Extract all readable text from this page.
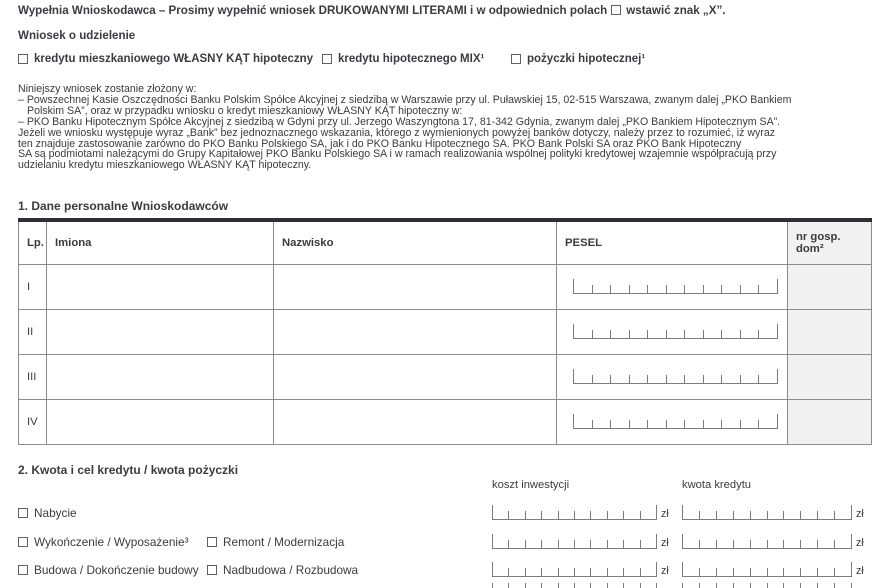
Wypełnia Wnioskodawca – Prosimy wypełnić wniosek DRUKOWANYMI LITERAMI i w odpowiednich polach wstawić znak „X”.
Wniosek o udzielenie
kredytu mieszkaniowego WŁASNY KĄT hipoteczny kredytu hipotecznego MIX¹	pożyczki hipotecznej¹
Niniejszy wniosek zostanie złożony w:
– Powszechnej Kasie Oszczędności Banku Polskim Spółce Akcyjnej z siedzibą w Warszawie przy ul. Puławskiej 15, 02-515 Warszawa, zwanym dalej „PKO Bankiem
Polskim SA”, oraz w przypadku wniosku o kredyt mieszkaniowy WŁASNY KĄT hipoteczny w:
– PKO Banku Hipotecznym Spółce Akcyjnej z siedzibą w Gdyni przy ul. Jerzego Waszyngtona 17, 81-342 Gdynia, zwanym dalej „PKO Bankiem Hipotecznym SA”.
Jeżeli we wniosku występuje wyraz „Bank” bez jednoznacznego wskazania, którego z wymienionych powyżej banków dotyczy, należy przez to rozumieć, iż wyraz
ten znajduje zastosowanie zarówno do PKO Banku Polskiego SA, jak i do PKO Banku Hipotecznego SA. PKO Bank Polski SA oraz PKO Bank Hipoteczny
SA są podmiotami należącymi do Grupy Kapitałowej PKO Banku Polskiego SA i w ramach realizowania wspólnej polityki kredytowej wzajemnie współpracują przy
udzielaniu kredytu mieszkaniowego WŁASNY KĄT hipoteczny.
1. Dane personalne Wnioskodawców
Lp.	Imiona	Nazwisko	PESEL	nr gosp. dom²
I			

II			

III			

IV			

2. Kwota i cel kredytu / kwota pożyczki
koszt inwestycji	kwota kredytu
Nabycie	zł	zł
Wykończenie / Wyposażenie³	Remont / Modernizacja	zł	zł
Budowa / Dokończenie budowy Nadbudowa / Rozbudowa	zł	zł
